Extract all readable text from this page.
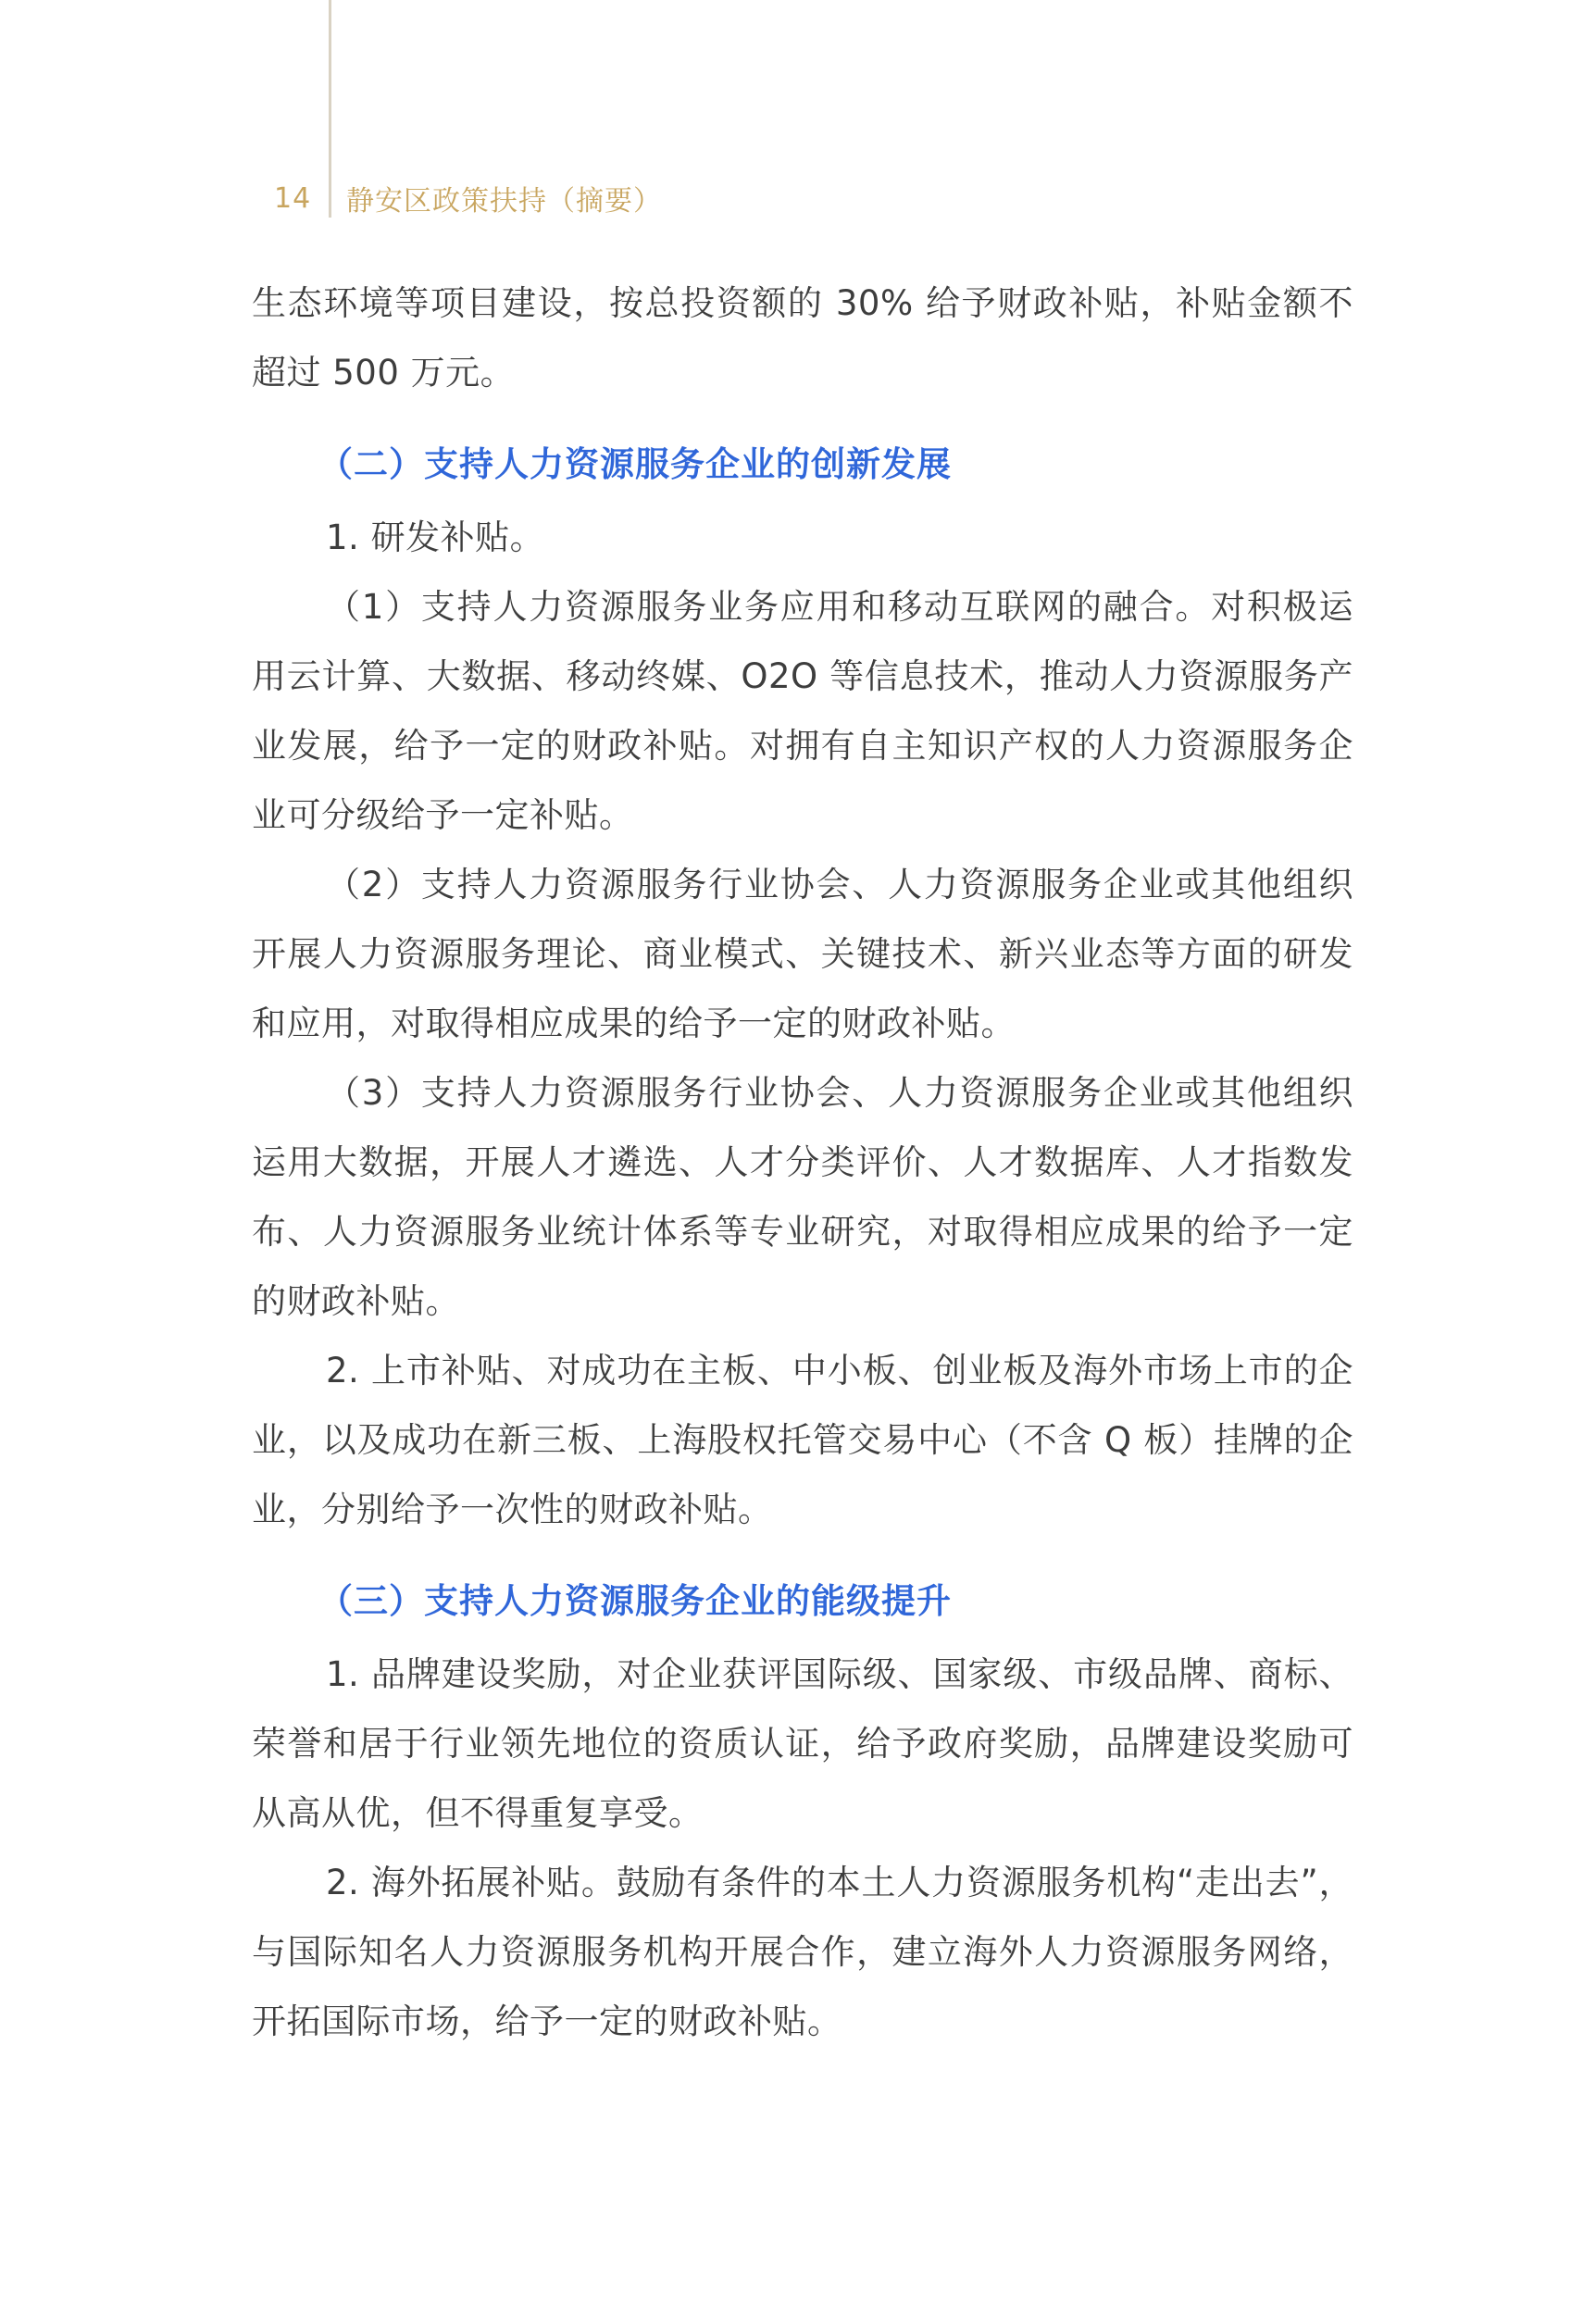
14 静安区政策扶持（摘要）

生态环境等项目建设，按总投资额的 30% 给予财政补贴，补贴金额不超过 500 万元。

（二）支持人力资源服务企业的创新发展

1. 研发补贴。

（1）支持人力资源服务业务应用和移动互联网的融合。对积极运用云计算、大数据、移动终媒、O2O 等信息技术，推动人力资源服务产业发展，给予一定的财政补贴。对拥有自主知识产权的人力资源服务企业可分级给予一定补贴。

（2）支持人力资源服务行业协会、人力资源服务企业或其他组织开展人力资源服务理论、商业模式、关键技术、新兴业态等方面的研发和应用，对取得相应成果的给予一定的财政补贴。

（3）支持人力资源服务行业协会、人力资源服务企业或其他组织运用大数据，开展人才遴选、人才分类评价、人才数据库、人才指数发布、人力资源服务业统计体系等专业研究，对取得相应成果的给予一定的财政补贴。

2. 上市补贴、对成功在主板、中小板、创业板及海外市场上市的企业，以及成功在新三板、上海股权托管交易中心（不含 Q 板）挂牌的企业，分别给予一次性的财政补贴。

（三）支持人力资源服务企业的能级提升

1. 品牌建设奖励，对企业获评国际级、国家级、市级品牌、商标、荣誉和居于行业领先地位的资质认证，给予政府奖励，品牌建设奖励可从高从优，但不得重复享受。

2. 海外拓展补贴。鼓励有条件的本土人力资源服务机构“走出去”，与国际知名人力资源服务机构开展合作，建立海外人力资源服务网络，开拓国际市场，给予一定的财政补贴。
